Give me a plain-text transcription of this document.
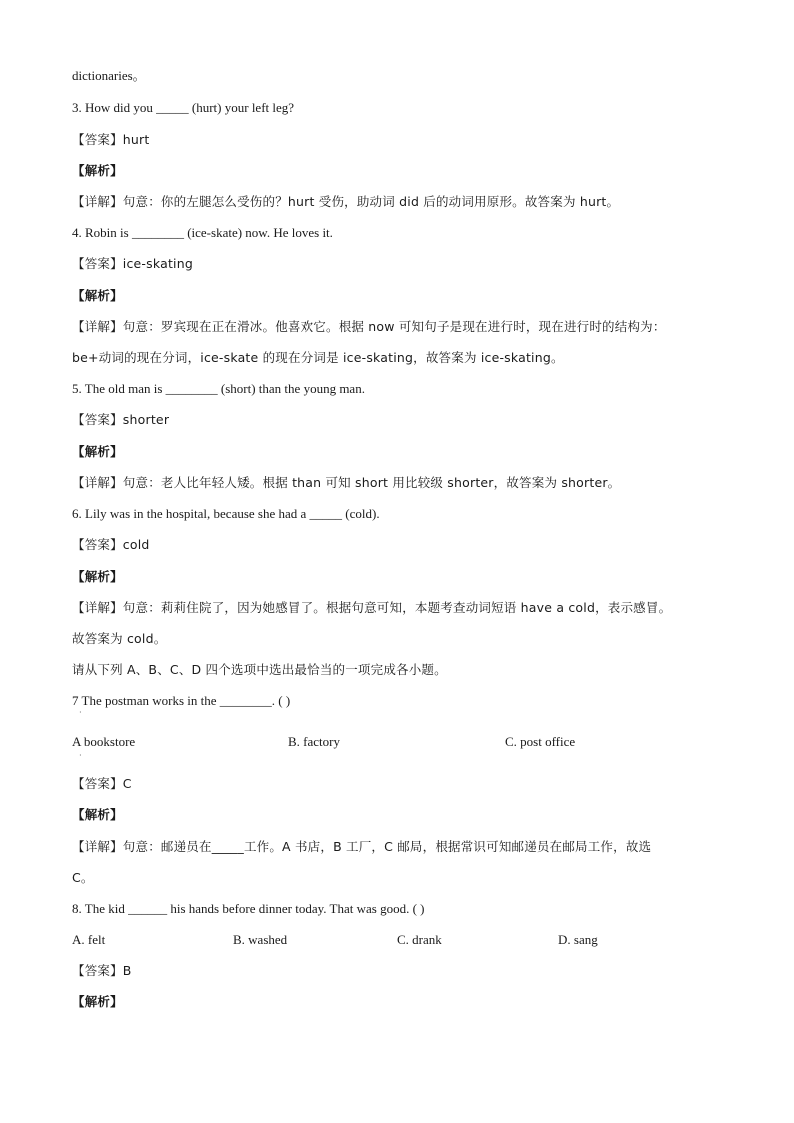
dictionaries。
3. How did you _____ (hurt) your left leg?
【答案】hurt
【解析】
【详解】句意：你的左腿怎么受伤的？hurt 受伤，助动词 did 后的动词用原形。故答案为 hurt。
4. Robin is ________ (ice-skate) now. He loves it.
【答案】ice-skating
【解析】
【详解】句意：罗宾现在正在滑冰。他喜欢它。根据 now 可知句子是现在进行时，现在进行时的结构为：
be+动词的现在分词，ice-skate 的现在分词是 ice-skating，故答案为 ice-skating。
5. The old man is ________ (short) than the young man.
【答案】shorter
【解析】
【详解】句意：老人比年轻人矮。根据 than 可知 short 用比较级 shorter，故答案为 shorter。
6. Lily was in the hospital, because she had a _____ (cold).
【答案】cold
【解析】
【详解】句意：莉莉住院了，因为她感冒了。根据句意可知，本题考查动词短语 have a cold，表示感冒。
故答案为 cold。
请从下列 A、B、C、D 四个选项中选出最恰当的一项完成各小题。
7 The postman works in the ________. ( )
·
A bookstore	B. factory	C. post office
·
【答案】C
【解析】
【详解】句意：邮递员在_____工作。A 书店，B 工厂，C 邮局，根据常识可知邮递员在邮局工作，故选
C。
8. The kid ______ his hands before dinner today. That was good. ( )
A. felt	B. washed	C. drank	D. sang
【答案】B
【解析】
